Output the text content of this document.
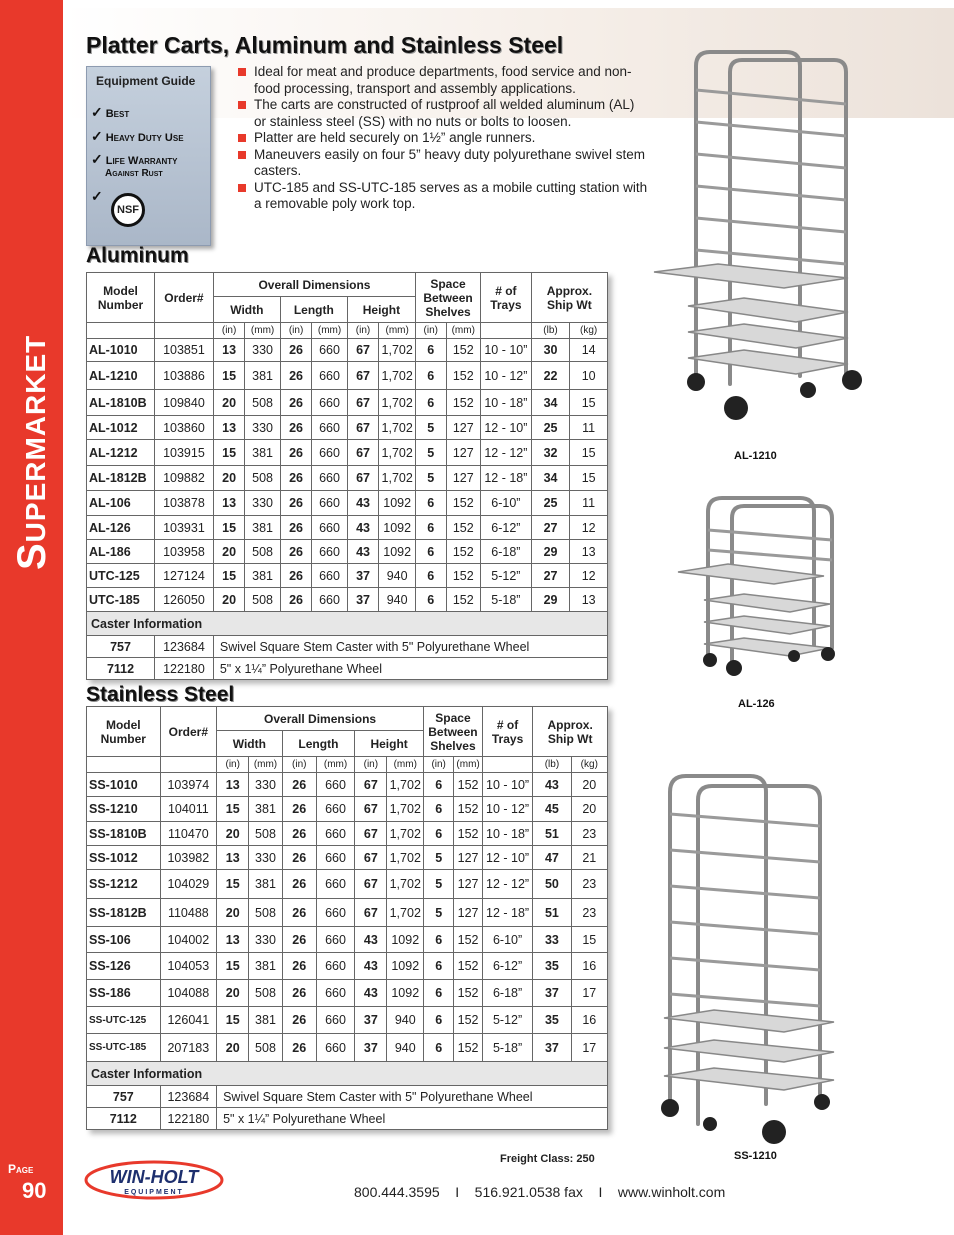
Supermarket
Page
90
Platter Carts, Aluminum and Stainless Steel
Equipment Guide
✓ Best
✓ Heavy Duty Use
✓ Life Warranty
Against Rust
✓
NSF
Ideal for meat and produce departments, food service and non-food processing, transport and assembly applications.
The carts are constructed of rustproof all welded aluminum (AL) or stainless steel (SS) with no nuts or bolts to loosen.
Platter are held securely on 1½” angle runners.
Maneuvers easily on four 5” heavy duty polyurethane swivel stem casters.
UTC-185 and SS-UTC-185 serves as a mobile cutting station with a removable poly work top.
Aluminum
Model Number	Order#	Overall Dimensions						Space Between Shelves		# of Trays	Approx. Ship Wt	
		Width		Length		Height						
		(in)	(mm)	(in)	(mm)	(in)	(mm)	(in)	(mm)		(lb)	(kg)
AL-1010	103851	13	330	26	660	67	1,702	6	152	10 - 10”	30	14
AL-1210	103886	15	381	26	660	67	1,702	6	152	10 - 12”	22	10
AL-1810B	109840	20	508	26	660	67	1,702	6	152	10 - 18”	34	15
AL-1012	103860	13	330	26	660	67	1,702	5	127	12 - 10”	25	11
AL-1212	103915	15	381	26	660	67	1,702	5	127	12 - 12”	32	15
AL-1812B	109882	20	508	26	660	67	1,702	5	127	12 - 18”	34	15
AL-106	103878	13	330	26	660	43	1092	6	152	6-10”	25	11
AL-126	103931	15	381	26	660	43	1092	6	152	6-12”	27	12
AL-186	103958	20	508	26	660	43	1092	6	152	6-18”	29	13
UTC-125	127124	15	381	26	660	37	940	6	152	5-12”	27	12
UTC-185	126050	20	508	26	660	37	940	6	152	5-18”	29	13
Caster Information												
757	123684	Swivel Square Stem Caster with 5" Polyurethane Wheel										
7112	122180	5" x 1¼” Polyurethane Wheel										
Stainless Steel
Model Number	Order#	Overall Dimensions						Space Between Shelves		# of Trays	Approx. Ship Wt	
		Width		Length		Height						
		(in)	(mm)	(in)	(mm)	(in)	(mm)	(in)	(mm)		(lb)	(kg)
SS-1010	103974	13	330	26	660	67	1,702	6	152	10 - 10”	43	20
SS-1210	104011	15	381	26	660	67	1,702	6	152	10 - 12”	45	20
SS-1810B	110470	20	508	26	660	67	1,702	6	152	10 - 18”	51	23
SS-1012	103982	13	330	26	660	67	1,702	5	127	12 - 10”	47	21
SS-1212	104029	15	381	26	660	67	1,702	5	127	12 - 12”	50	23
SS-1812B	110488	20	508	26	660	67	1,702	5	127	12 - 18”	51	23
SS-106	104002	13	330	26	660	43	1092	6	152	6-10”	33	15
SS-126	104053	15	381	26	660	43	1092	6	152	6-12”	35	16
SS-186	104088	20	508	26	660	43	1092	6	152	6-18”	37	17
SS-UTC-125	126041	15	381	26	660	37	940	6	152	5-12”	35	16
SS-UTC-185	207183	20	508	26	660	37	940	6	152	5-18”	37	17
Caster Information												
757	123684	Swivel Square Stem Caster with 5" Polyurethane Wheel										
7112	122180	5" x 1¼” Polyurethane Wheel										
AL-1210
AL-126
SS-1210
Freight Class: 250
WIN-HOLT
EQUIPMENT	800.444.3595 I 516.921.0538 fax I www.winholt.com
